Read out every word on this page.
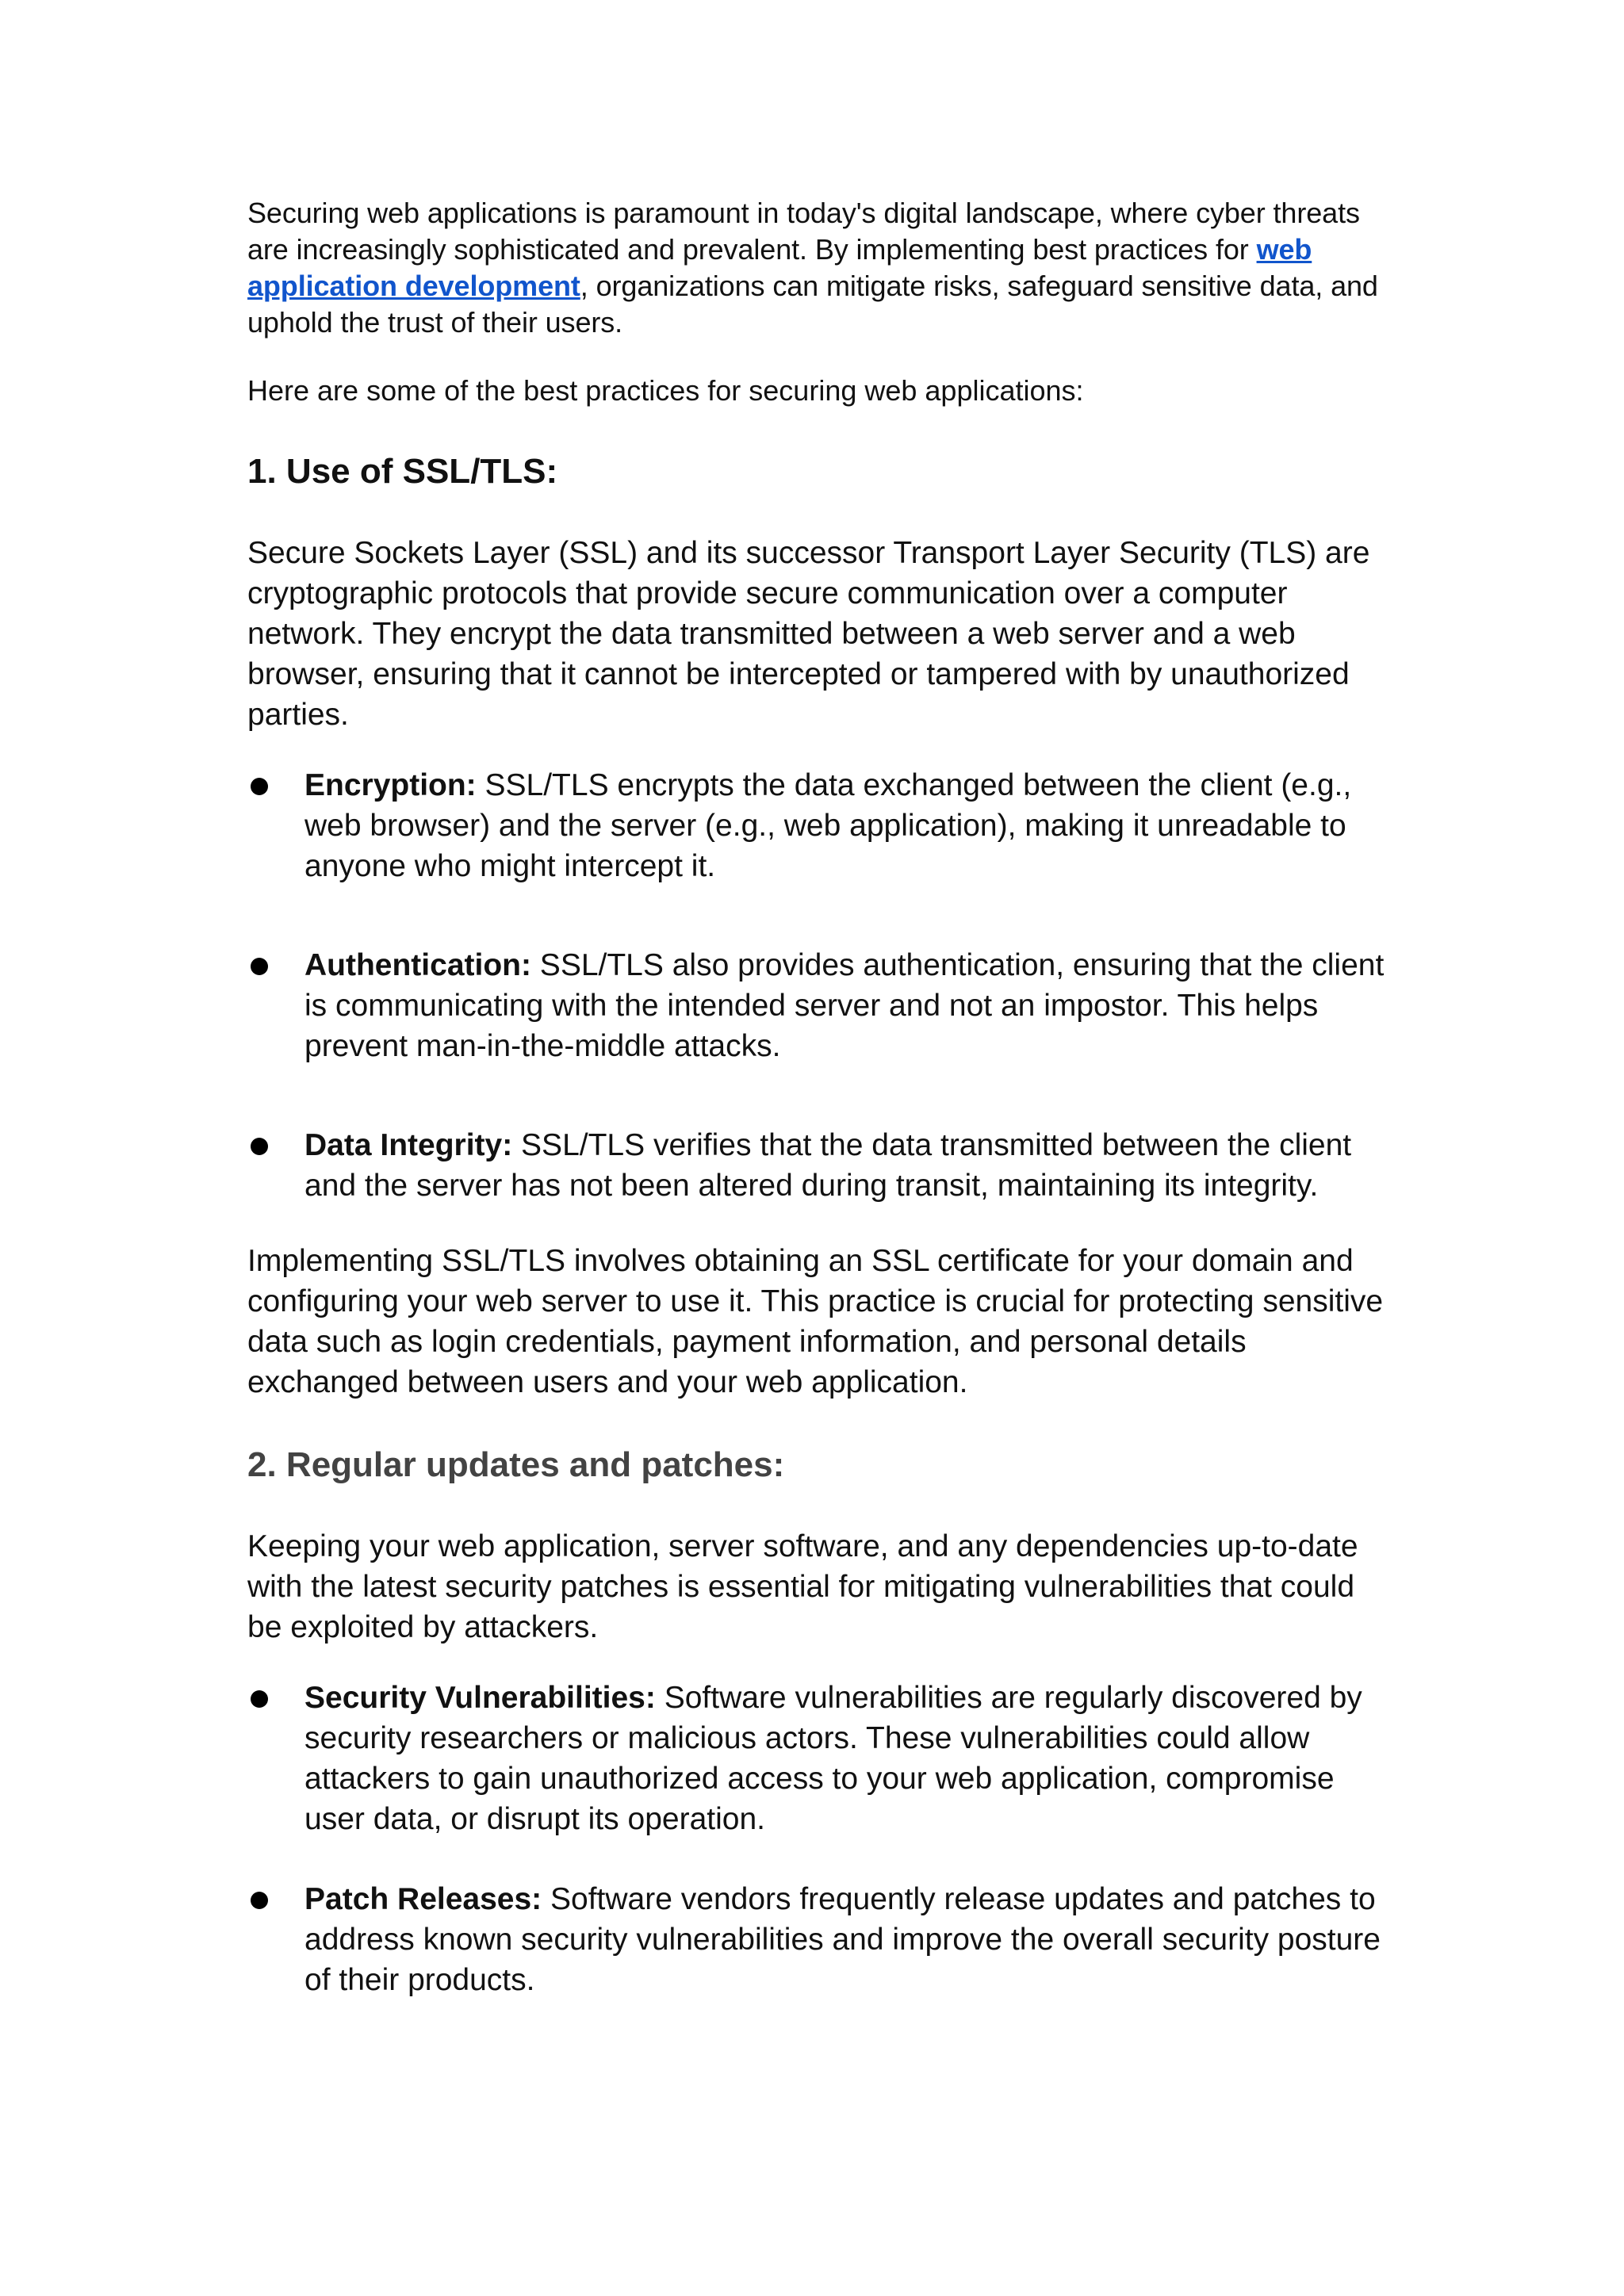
Securing web applications is paramount in today's digital landscape, where cyber threats are increasingly sophisticated and prevalent. By implementing best practices for web application development, organizations can mitigate risks, safeguard sensitive data, and uphold the trust of their users.

Here are some of the best practices for securing web applications:

1. Use of SSL/TLS:

Secure Sockets Layer (SSL) and its successor Transport Layer Security (TLS) are cryptographic protocols that provide secure communication over a computer network. They encrypt the data transmitted between a web server and a web browser, ensuring that it cannot be intercepted or tampered with by unauthorized parties.

Encryption: SSL/TLS encrypts the data exchanged between the client (e.g., web browser) and the server (e.g., web application), making it unreadable to anyone who might intercept it.
Authentication: SSL/TLS also provides authentication, ensuring that the client is communicating with the intended server and not an impostor. This helps prevent man-in-the-middle attacks.
Data Integrity: SSL/TLS verifies that the data transmitted between the client and the server has not been altered during transit, maintaining its integrity.

Implementing SSL/TLS involves obtaining an SSL certificate for your domain and configuring your web server to use it. This practice is crucial for protecting sensitive data such as login credentials, payment information, and personal details exchanged between users and your web application.

2. Regular updates and patches:

Keeping your web application, server software, and any dependencies up-to-date with the latest security patches is essential for mitigating vulnerabilities that could be exploited by attackers.

Security Vulnerabilities: Software vulnerabilities are regularly discovered by security researchers or malicious actors. These vulnerabilities could allow attackers to gain unauthorized access to your web application, compromise user data, or disrupt its operation.
Patch Releases: Software vendors frequently release updates and patches to address known security vulnerabilities and improve the overall security posture of their products.
